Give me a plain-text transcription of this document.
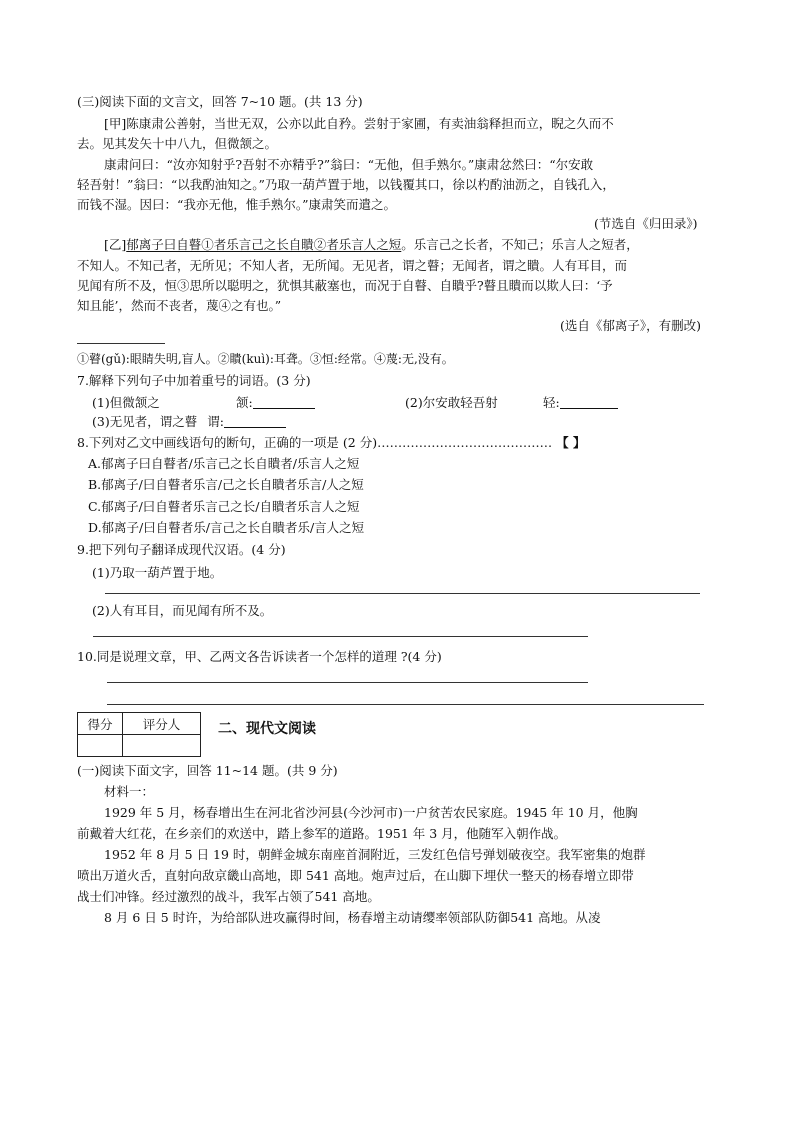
(三)阅读下面的文言文，回答 7~10 题。(共 13 分)
[甲]陈康肃公善射，当世无双，公亦以此自矜。尝射于家圃，有卖油翁释担而立，睨之久而不
去。见其发矢十中八九，但微颔之。
康肃问曰：“汝亦知射乎?吾射不亦精乎?”翁曰：“无他，但手熟尔。”康肃忿然曰：“尔安敢
轻吾射！”翁曰：“以我酌油知之。”乃取一葫芦置于地，以钱覆其口，徐以杓酌油沥之，自钱孔入，
而钱不湿。因曰：“我亦无他，惟手熟尔。”康肃笑而遣之。
(节选自《归田录》)
[乙]郁离子曰自瞽①者乐言己之长自瞶②者乐言人之短。乐言己之长者，不知己；乐言人之短者，
不知人。不知己者，无所见；不知人者，无所闻。无见者，谓之瞽；无闻者，谓之瞶。人有耳目，而
见闻有所不及，恒③思所以聪明之，犹惧其蔽塞也，而况于自瞽、自瞶乎?瞽且瞶而以欺人曰：‘予
知且能’，然而不丧者，蔑④之有也。”
(选自《郁离子》，有删改)
①瞽(gǔ):眼睛失明,盲人。②瞶(kuì):耳聋。③恒:经常。④蔑:无,没有。
7.解释下列句子中加着重号的词语。(3 分)
(1)但微颔之	颔:	(2)尔安敢轻吾射	轻:
(3)无见者，谓之瞽 谓:
8.下列对乙文中画线语句的断句，正确的一项是 (2 分)…………………………………… 【 】
A.郁离子曰自瞽者/乐言己之长自瞶者/乐言人之短
B.郁离子/曰自瞽者乐言/己之长自瞶者乐言/人之短
C.郁离子/曰自瞽者乐言己之长/自瞶者乐言人之短
D.郁离子/曰自瞽者乐/言己之长自瞶者乐/言人之短
9.把下列句子翻译成现代汉语。(4 分)
(1)乃取一葫芦置于地。
(2)人有耳目，而见闻有所不及。
10.同是说理文章，甲、乙两文各告诉读者一个怎样的道理 ?(4 分)
得分	评分人
		二、现代文阅读
(一)阅读下面文字，回答 11~14 题。(共 9 分)
材料一：
1929 年 5 月，杨春增出生在河北省沙河县(今沙河市)一户贫苦农民家庭。1945 年 10 月，他胸
前戴着大红花，在乡亲们的欢送中，踏上参军的道路。1951 年 3 月，他随军入朝作战。
1952 年 8 月 5 日 19 时，朝鲜金城东南座首洞附近，三发红色信号弹划破夜空。我军密集的炮群
喷出万道火舌，直射向敌京畿山高地，即 541 高地。炮声过后，在山脚下埋伏一整天的杨春增立即带
战士们冲锋。经过激烈的战斗，我军占领了541 高地。
8 月 6 日 5 时许，为给部队进攻赢得时间，杨春增主动请缨率领部队防御541 高地。从凌
